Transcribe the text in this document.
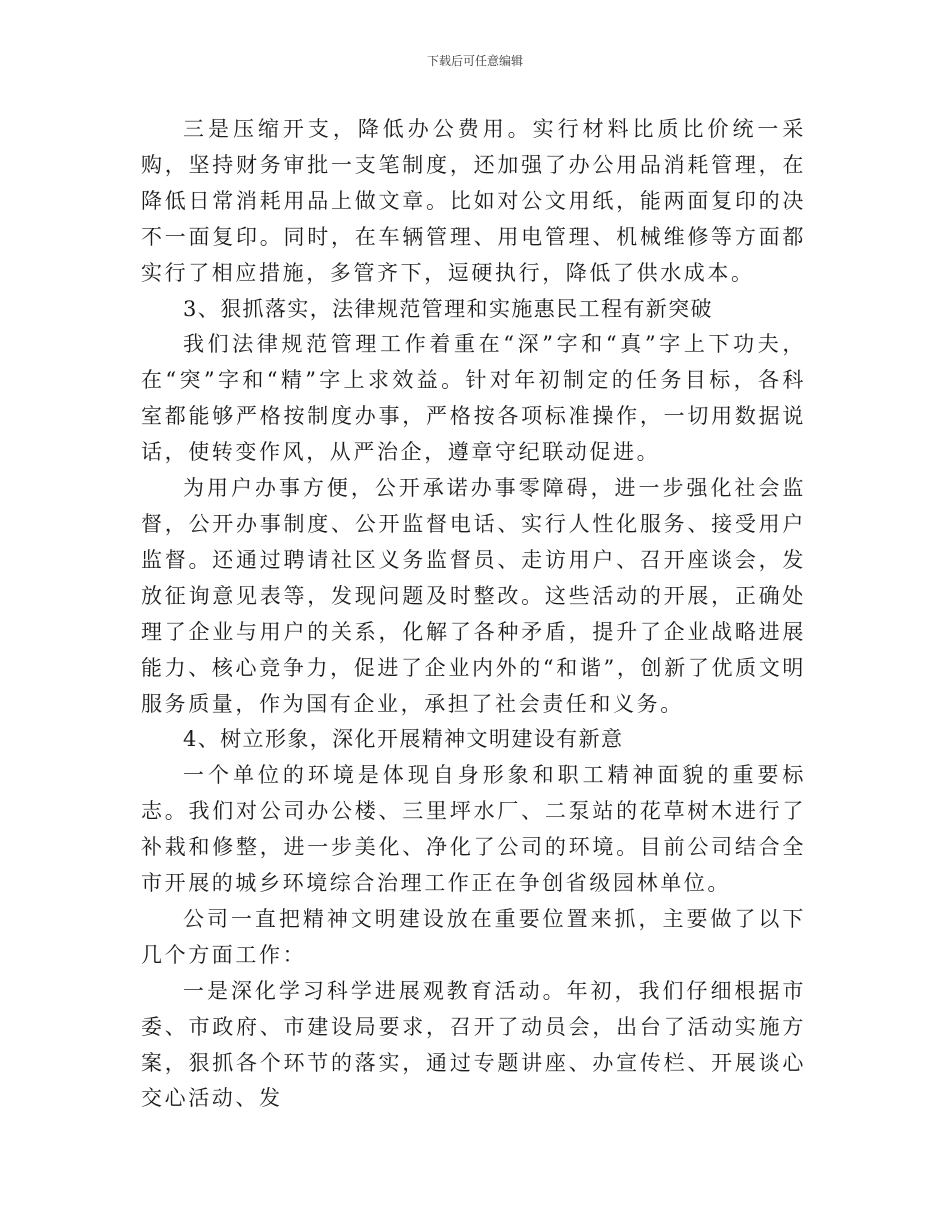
下载后可任意编辑

三是压缩开支，降低办公费用。实行材料比质比价统一采购，坚持财务审批一支笔制度，还加强了办公用品消耗管理，在降低日常消耗用品上做文章。比如对公文用纸，能两面复印的决不一面复印。同时，在车辆管理、用电管理、机械维修等方面都实行了相应措施，多管齐下，逗硬执行，降低了供水成本。

3、狠抓落实，法律规范管理和实施惠民工程有新突破

我们法律规范管理工作着重在“深”字和“真”字上下功夫，在“突”字和“精”字上求效益。针对年初制定的任务目标，各科室都能够严格按制度办事，严格按各项标准操作，一切用数据说话，使转变作风，从严治企，遵章守纪联动促进。

为用户办事方便，公开承诺办事零障碍，进一步强化社会监督，公开办事制度、公开监督电话、实行人性化服务、接受用户监督。还通过聘请社区义务监督员、走访用户、召开座谈会，发放征询意见表等，发现问题及时整改。这些活动的开展，正确处理了企业与用户的关系，化解了各种矛盾，提升了企业战略进展能力、核心竞争力，促进了企业内外的“和谐”，创新了优质文明服务质量，作为国有企业，承担了社会责任和义务。

4、树立形象，深化开展精神文明建设有新意

一个单位的环境是体现自身形象和职工精神面貌的重要标志。我们对公司办公楼、三里坪水厂、二泵站的花草树木进行了补栽和修整，进一步美化、净化了公司的环境。目前公司结合全市开展的城乡环境综合治理工作正在争创省级园林单位。

公司一直把精神文明建设放在重要位置来抓，主要做了以下几个方面工作：

一是深化学习科学进展观教育活动。年初，我们仔细根据市委、市政府、市建设局要求，召开了动员会，出台了活动实施方案，狠抓各个环节的落实，通过专题讲座、办宣传栏、开展谈心交心活动、发
